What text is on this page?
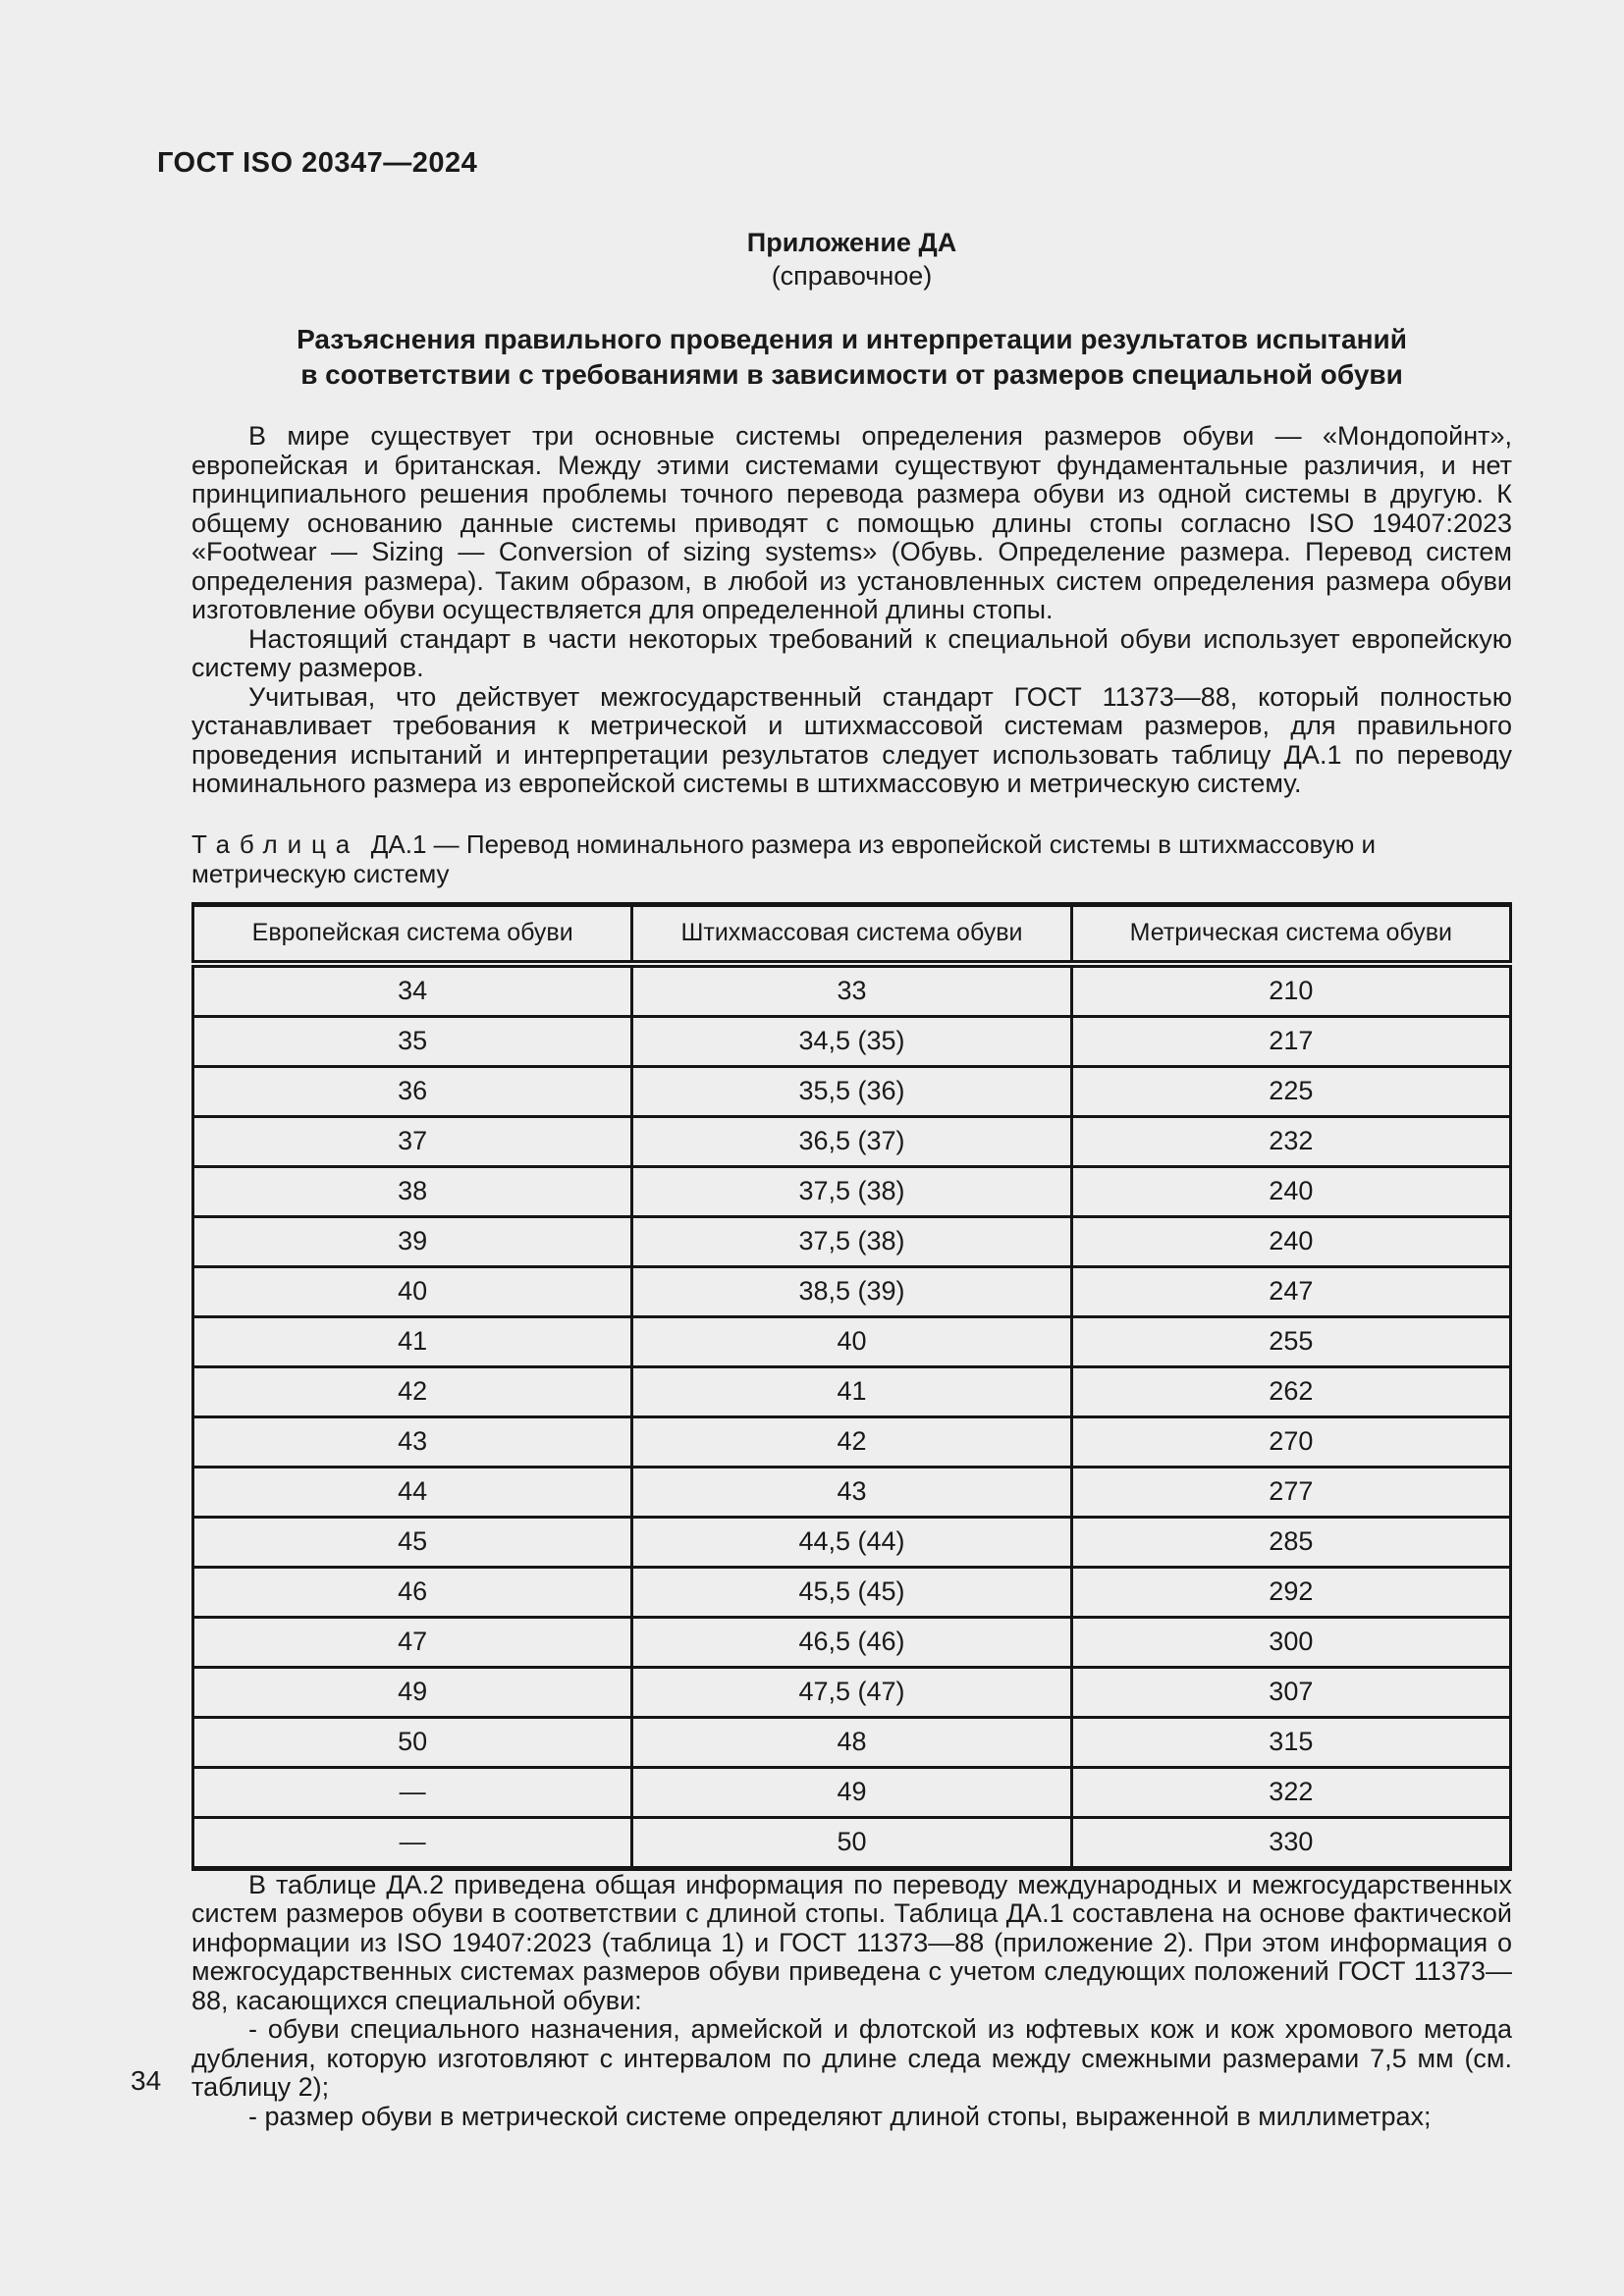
ГОСТ ISO 20347—2024
Приложение ДА
(справочное)
Разъяснения правильного проведения и интерпретации результатов испытаний
в соответствии с требованиями в зависимости от размеров специальной обуви

В мире существует три основные системы определения размеров обуви — «Мондопойнт», европейская и британская. Между этими системами существуют фундаментальные различия, и нет принципиального решения проблемы точного перевода размера обуви из одной системы в другую. К общему основанию данные системы приводят с помощью длины стопы согласно ISO 19407:2023 «Footwear — Sizing — Conversion of sizing systems» (Обувь. Определение размера. Перевод систем определения размера). Таким образом, в любой из установленных систем определения размера обуви изготовление обуви осуществляется для определенной длины стопы.

Настоящий стандарт в части некоторых требований к специальной обуви использует европейскую систему размеров.

Учитывая, что действует межгосударственный стандарт ГОСТ 11373—88, который полностью устанавливает требования к метрической и штихмассовой системам размеров, для правильного проведения испытаний и интерпретации результатов следует использовать таблицу ДА.1 по переводу номинального размера из европейской системы в штихмассовую и метрическую систему.

Таблица ДА.1 — Перевод номинального размера из европейской системы в штихмассовую и метрическую систему

Европейская система обуви	Штихмассовая система обуви	Метрическая система обуви
34	33	210
35	34,5 (35)	217
36	35,5 (36)	225
37	36,5 (37)	232
38	37,5 (38)	240
39	37,5 (38)	240
40	38,5 (39)	247
41	40	255
42	41	262
43	42	270
44	43	277
45	44,5 (44)	285
46	45,5 (45)	292
47	46,5 (46)	300
49	47,5 (47)	307
50	48	315
—	49	322
—	50	330

В таблице ДА.2 приведена общая информация по переводу международных и межгосударственных систем размеров обуви в соответствии с длиной стопы. Таблица ДА.1 составлена на основе фактической информации из ISO 19407:2023 (таблица 1) и ГОСТ 11373—88 (приложение 2). При этом информация о межгосударственных системах размеров обуви приведена с учетом следующих положений ГОСТ 11373—88, касающихся специальной обуви:

- обуви специального назначения, армейской и флотской из юфтевых кож и кож хромового метода дубления, которую изготовляют с интервалом по длине следа между смежными размерами 7,5 мм (см. таблицу 2);

- размер обуви в метрической системе определяют длиной стопы, выраженной в миллиметрах;

34
